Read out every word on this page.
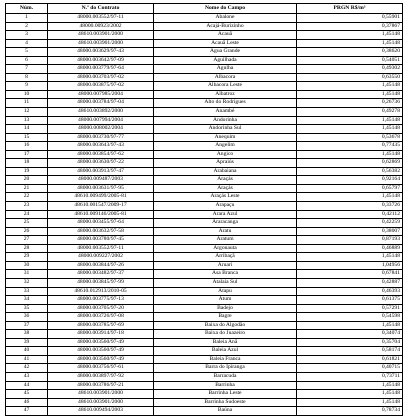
Núm.	N.º do Contrato	Nome do Campo	PRGN R$/m³
1	48000.003552/97-11	Abalone	0,55901
2	48000.00923/2002	Acajá-Burizinho	0,37867
3	48610.003901/2000	Acauã	1,45148
4	48610.003901/2000	Acauã Leste	1,45148
5	48000.003629/97-43	Agua Grande	0,38620
6	48000.003642/97-09	Aguilhada	0,54051
7	48000.003779/97-64	Agulha	0,49302
8	48000.003703/97-02	Albacora	0,63550
9	48000.003875/97-02	Albacora Leste	1,45148
10	48000.007985/2004	Albatroz	1,45148
11	48000.003784/97-04	Alto do Rodrigues	0,26736
12	48610.003892/2000	Anambé	0,49278
13	48000.007994/2004	Andorinha	1,45148
14	48000.008002/2004	Andorinha Sul	1,45148
15	48000.003730/97-77	Anequim	0,53678
16	48000.003643/97-43	Angelim	0,77435
17	48000.003854/97-62	Angico	1,45148
18	48000.003630/97-22	Apraiús	0,62869
19	48000.003913/97-47	Arabaiana	0,56382
20	48000.009487/2003	Araçás	0,92164
21	48000.003631/97-95	Araçás	0,65797
22	48610.009499/2005-81	Araçás Leste	1,45148
23	48610.001547/2009-17	Arapaçu	0,33726
24	48610.009146/2005-81	Arara Azul	0,42112
25	48000.003455/97-64	Araracanga	0,42259
26	48000.003632/97-58	Aratu	0,38007
27	48000.003780/97-45	Aratum	0,87193
28	48000.003552/97-11	Argonauta	0,46889
29	48000.009227/2002	Arribaçã	1,45148
30	48000.003844/97-26	Aruari	1,04956
31	48000.003482/97-37	Asa Branca	0,67841
32	48000.003845/97-99	Atalaia Sul	0,42887
33	48610.012913/2010-05	Atapu	0,46393
34	48000.003775/97-13	Atum	0,61375
35	48000.003705/97-20	Badejo	0,57291
36	48000.003726/97-08	Bagre	0,54598
37	48000.003785/97-69	Baixa do Algodão	1,45148
38	48000.003914/97-18	Baixa do Juazeiro	0,34074
39	48000.003560/97-49	Baleia Anã	0,35704
40	48000.003560/97-49	Baleia Azul	0,58174
41	48000.003560/97-49	Baleia Franca	0,61821
42	48000.003756/97-61	Barra do Ipiranga	0,40715
43	48000.003897/97-92	Barracuda	0,73711
44	48000.003786/97-21	Barrinha	1,45148
45	48610.003901/2000	Barrinha Leste	1,45148
46	48610.003901/2000	Barrinha Sudoeste	1,45148
47	48610.009494/2003	Baúna	0,78734
